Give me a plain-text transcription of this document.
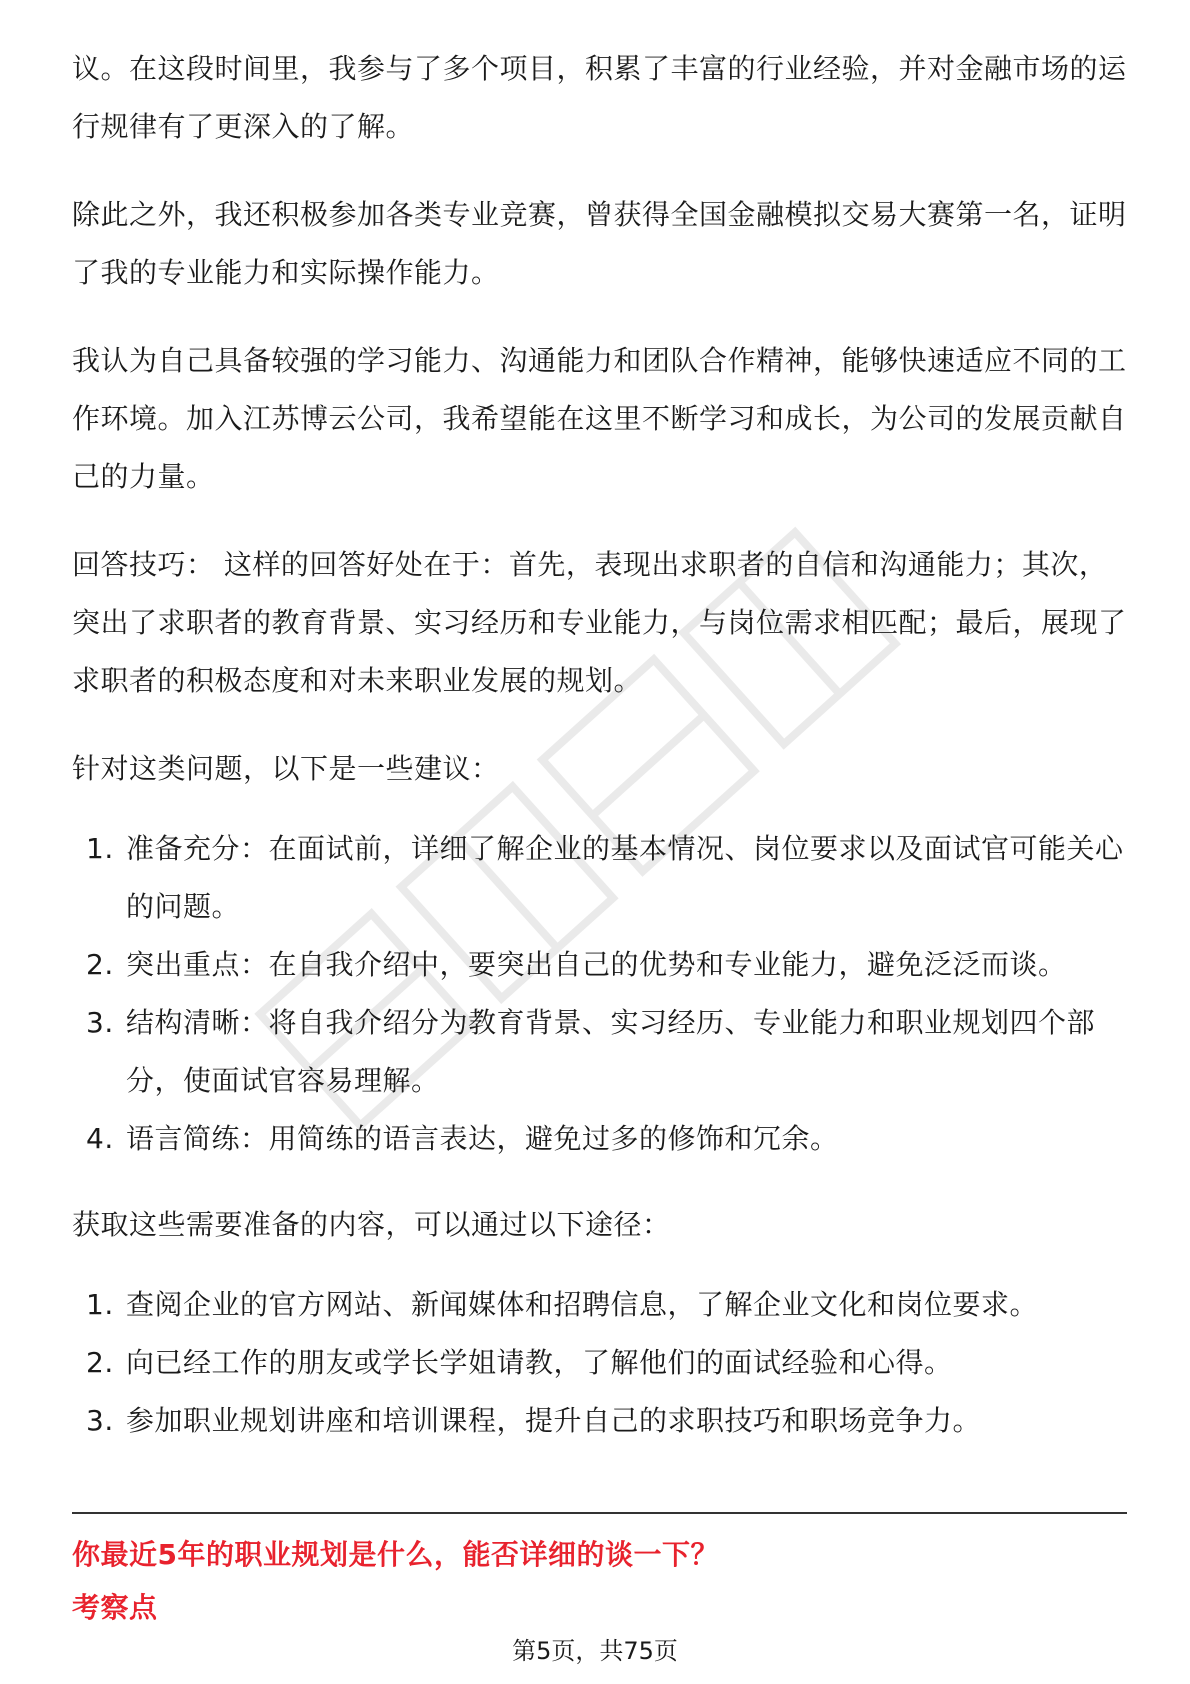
议。在这段时间里，我参与了多个项目，积累了丰富的行业经验，并对金融市场的运行规律有了更深入的了解。

除此之外，我还积极参加各类专业竞赛，曾获得全国金融模拟交易大赛第一名，证明了我的专业能力和实际操作能力。

我认为自己具备较强的学习能力、沟通能力和团队合作精神，能够快速适应不同的工作环境。加入江苏博云公司，我希望能在这里不断学习和成长，为公司的发展贡献自己的力量。

回答技巧： 这样的回答好处在于：首先，表现出求职者的自信和沟通能力；其次，突出了求职者的教育背景、实习经历和专业能力，与岗位需求相匹配；最后，展现了求职者的积极态度和对未来职业发展的规划。

针对这类问题，以下是一些建议：

1. 准备充分：在面试前，详细了解企业的基本情况、岗位要求以及面试官可能关心的问题。
2. 突出重点：在自我介绍中，要突出自己的优势和专业能力，避免泛泛而谈。
3. 结构清晰：将自我介绍分为教育背景、实习经历、专业能力和职业规划四个部分，使面试官容易理解。
4. 语言简练：用简练的语言表达，避免过多的修饰和冗余。

获取这些需要准备的内容，可以通过以下途径：

1. 查阅企业的官方网站、新闻媒体和招聘信息，了解企业文化和岗位要求。
2. 向已经工作的朋友或学长学姐请教，了解他们的面试经验和心得。
3. 参加职业规划讲座和培训课程，提升自己的求职技巧和职场竞争力。
你最近5年的职业规划是什么，能否详细的谈一下？
考察点
第5页，共75页
